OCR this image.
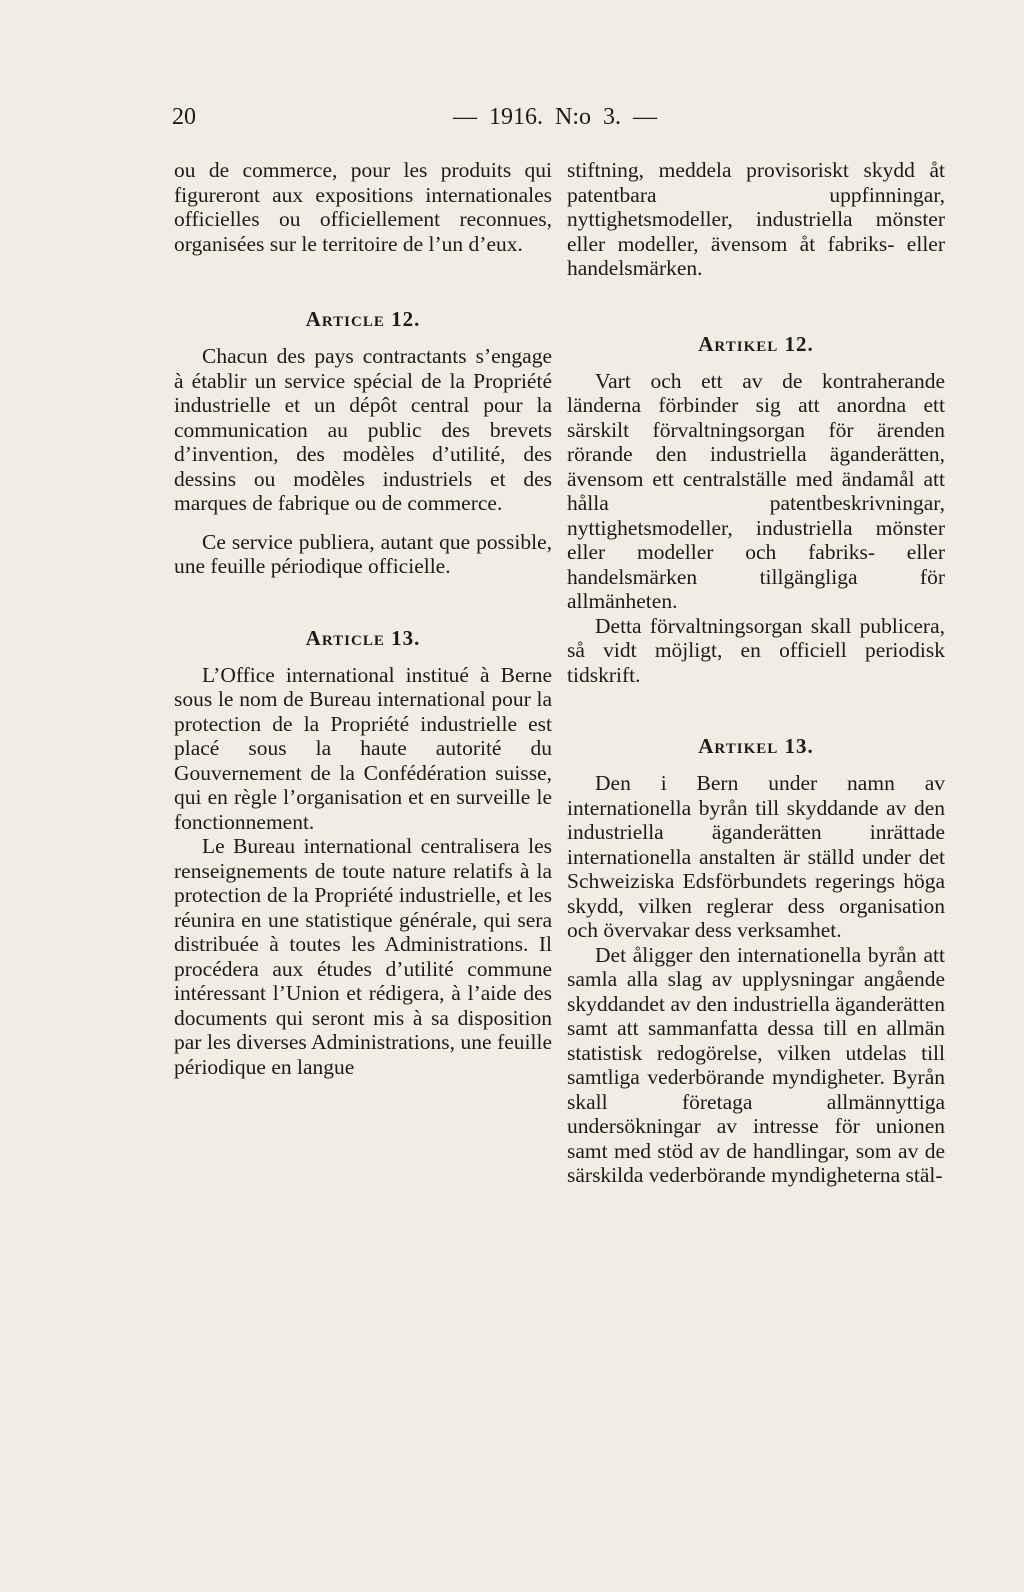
20	— 1916. N:o 3. —

ou de commerce, pour les produits qui figureront aux expositions internationales officielles ou officiellement reconnues, organisées sur le territoire de l’un d’eux.

Article 12.

Chacun des pays contractants s’engage à établir un service spécial de la Propriété industrielle et un dépôt central pour la communication au public des brevets d’invention, des modèles d’utilité, des dessins ou modèles industriels et des marques de fabrique ou de commerce.

Ce service publiera, autant que possible, une feuille périodique officielle.

Article 13.

L’Office international institué à Berne sous le nom de Bureau international pour la protection de la Propriété industrielle est placé sous la haute autorité du Gouvernement de la Confédération suisse, qui en règle l’organisation et en surveille le fonctionnement.

Le Bureau international centralisera les renseignements de toute nature relatifs à la protection de la Propriété industrielle, et les réunira en une statistique générale, qui sera distribuée à toutes les Administrations. Il procédera aux études d’utilité commune intéressant l’Union et rédigera, à l’aide des documents qui seront mis à sa disposition par les diverses Administrations, une feuille périodique en langue

stiftning, meddela provisoriskt skydd åt patentbara uppfinningar, nyttighetsmodeller, industriella mönster eller modeller, ävensom åt fabriks- eller handelsmärken.

Artikel 12.

Vart och ett av de kontraherande länderna förbinder sig att anordna ett särskilt förvaltningsorgan för ärenden rörande den industriella äganderätten, ävensom ett centralställe med ändamål att hålla patentbeskrivningar, nyttighetsmodeller, industriella mönster eller modeller och fabriks- eller handelsmärken tillgängliga för allmänheten.

Detta förvaltningsorgan skall publicera, så vidt möjligt, en officiell periodisk tidskrift.

Artikel 13.

Den i Bern under namn av internationella byrån till skyddande av den industriella äganderätten inrättade internationella anstalten är ställd under det Schweiziska Edsförbundets regerings höga skydd, vilken reglerar dess organisation och övervakar dess verksamhet.

Det åligger den internationella byrån att samla alla slag av upplysningar angående skyddandet av den industriella äganderätten samt att sammanfatta dessa till en allmän statistisk redogörelse, vilken utdelas till samtliga vederbörande myndigheter. Byrån skall företaga allmännyttiga undersökningar av intresse för unionen samt med stöd av de handlingar, som av de särskilda vederbörande myndigheterna stäl-
